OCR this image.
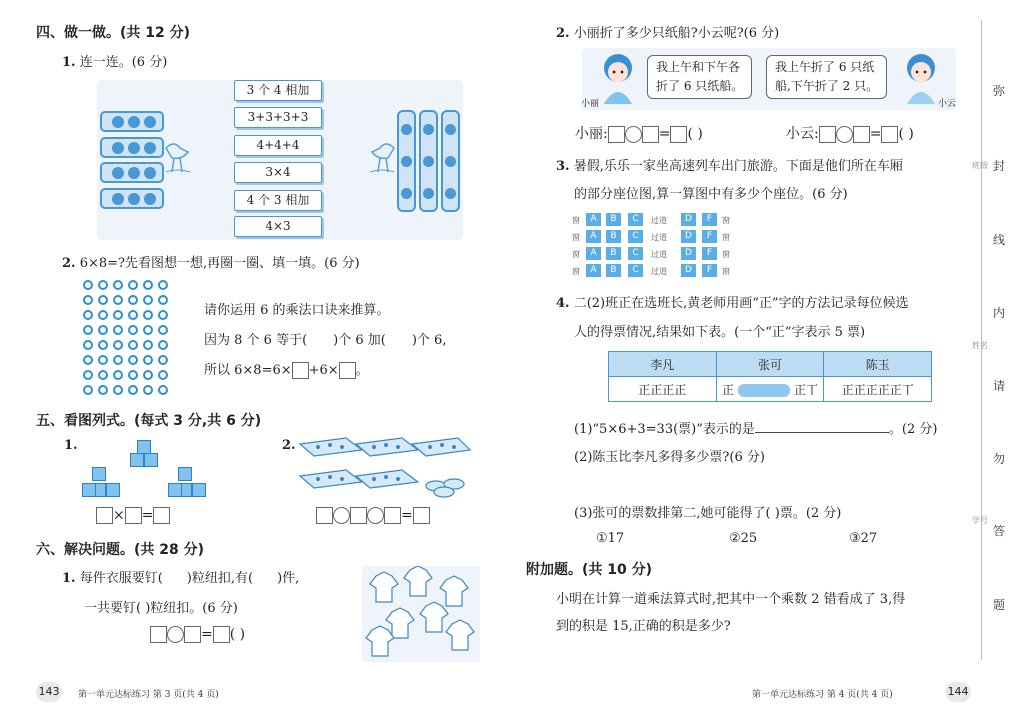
四、做一做。(共 12 分)
1. 连一连。(6 分)
3 个 4 相加
3+3+3+3
4+4+4
3×4
4 个 3 相加
4×3
2. 6×8=?先看图想一想,再圈一圈、填一填。(6 分)
请你运用 6 的乘法口诀来推算。
因为 8 个 6 等于( )个 6 加( )个 6,
所以 6×8=6× +6× 。
五、看图列式。(每式 3 分,共 6 分)
1.
× =
2.
=
六、解决问题。(共 28 分)
1. 每件衣服要钉( )粒纽扣,有( )件,
一共要钉( )粒纽扣。(6 分)
= ( )
143 第一单元达标练习 第 3 页(共 4 页)
2. 小丽折了多少只纸船?小云呢?(6 分)
小丽
我上午和下午各
折了 6 只纸船。
我上午折了 6 只纸
船,下午折了 2 只。
小云
小丽:	= ( )	小云:	= ( )
3. 暑假,乐乐一家坐高速列车出门旅游。下面是他们所在车厢
的部分座位图,算一算图中有多少个座位。(6 分)
窗	A	B	C	过道	D	F	窗
窗	A	B	C	过道	D	F	窗
窗	A	B	C	过道	D	F	窗
窗	A	B	C	过道	D	F	窗
4. 二(2)班正在选班长,黄老师用画“正”字的方法记录每位候选
人的得票情况,结果如下表。(一个“正”字表示 5 票)
李凡	张可	陈玉
正正正正	正 正丅	正正正正正丅
(1)“5×6+3=33(票)”表示的是	。(2 分)
(2)陈玉比李凡多得多少票?(6 分)
(3)张可的票数排第二,她可能得了( )票。(2 分)
①17	②25	③27
附加题。(共 10 分)
小明在计算一道乘法算式时,把其中一个乘数 2 错看成了 3,得
到的积是 15,正确的积是多少?
第一单元达标练习 第 4 页(共 4 页)	144
弥
封
线
内
请
勿
答
题
班级
姓名
学号
